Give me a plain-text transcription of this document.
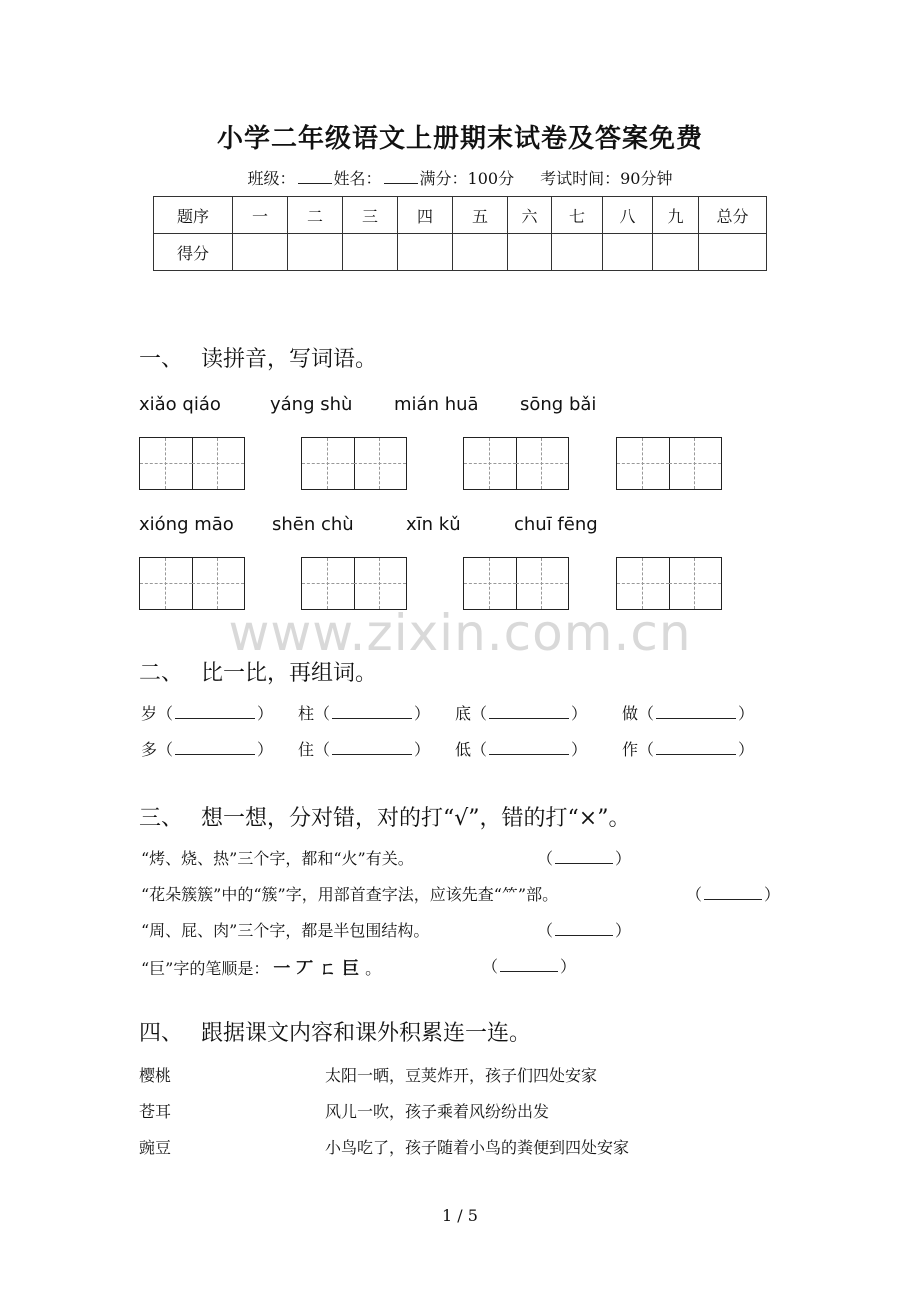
小学二年级语文上册期末试卷及答案免费
班级： 姓名： 满分：100分 考试时间：90分钟
题序	一	二	三	四	五	六	七	八	九	总分
得分										
一、 读拼音，写词语。
xiǎo qiáo	yáng shù mián huā sōng bǎi
xióng māo shēn chù	xīn kǔ	chuī fēng
www.zixin.com.cn
二、 比一比，再组词。
岁（	） 柱（	） 底（	） 做（	）
多（	） 住（	） 低（	） 作（	）
三、 想一想，分对错，对的打“√”，错的打“×”。
“烤、烧、热”三个字，都和“火”有关。	（	）
“花朵簇簇”中的“簇”字，用部首查字法，应该先查“⺮”部。	（	）
“周、屁、肉”三个字，都是半包围结构。	（	）
“巨”字的笔顺是： 一 丆 ㄈ 巨 。	（	）
四、 跟据课文内容和课外积累连一连。
樱桃	太阳一晒，豆荚炸开，孩子们四处安家
苍耳	风儿一吹，孩子乘着风纷纷出发
豌豆	小鸟吃了，孩子随着小鸟的粪便到四处安家
1 / 5
